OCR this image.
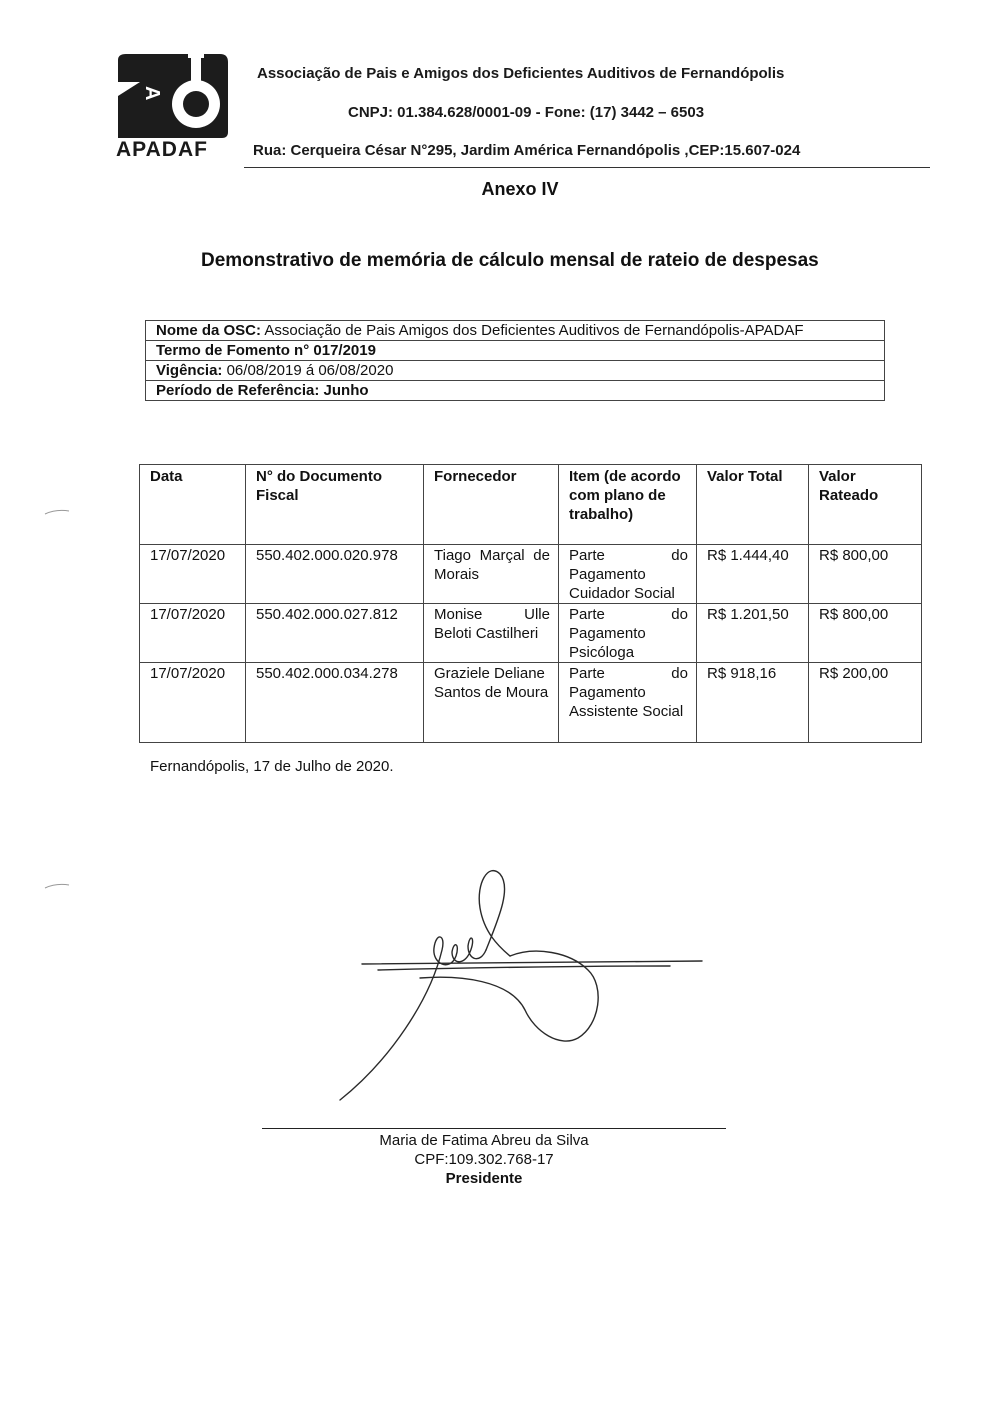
A
APADAF
Associação de Pais e Amigos dos Deficientes Auditivos de Fernandópolis
CNPJ: 01.384.628/0001-09 - Fone: (17) 3442 – 6503
Rua: Cerqueira César N°295, Jardim América Fernandópolis ,CEP:15.607-024
Anexo IV
Demonstrativo de memória de cálculo mensal de rateio de despesas
Nome da OSC: Associação de Pais Amigos dos Deficientes Auditivos de Fernandópolis-APADAF
Termo de Fomento n° 017/2019
Vigência: 06/08/2019 á 06/08/2020
Período de Referência: Junho
Data	N° do Documento Fiscal	Fornecedor	Item (de acordo com plano de trabalho)	Valor Total	Valor Rateado
17/07/2020	550.402.000.020.978	Tiago Marçal de Morais	Parte do Pagamento Cuidador Social	R$ 1.444,40	R$ 800,00
17/07/2020	550.402.000.027.812	Monise Ulle Beloti Castilheri	Parte do Pagamento Psicóloga	R$ 1.201,50	R$ 800,00
17/07/2020	550.402.000.034.278	Graziele Deliane Santos de Moura	Parte do Pagamento Assistente Social	R$ 918,16	R$ 200,00
Fernandópolis, 17 de Julho de 2020.
Maria de Fatima Abreu da Silva
CPF:109.302.768-17
Presidente
